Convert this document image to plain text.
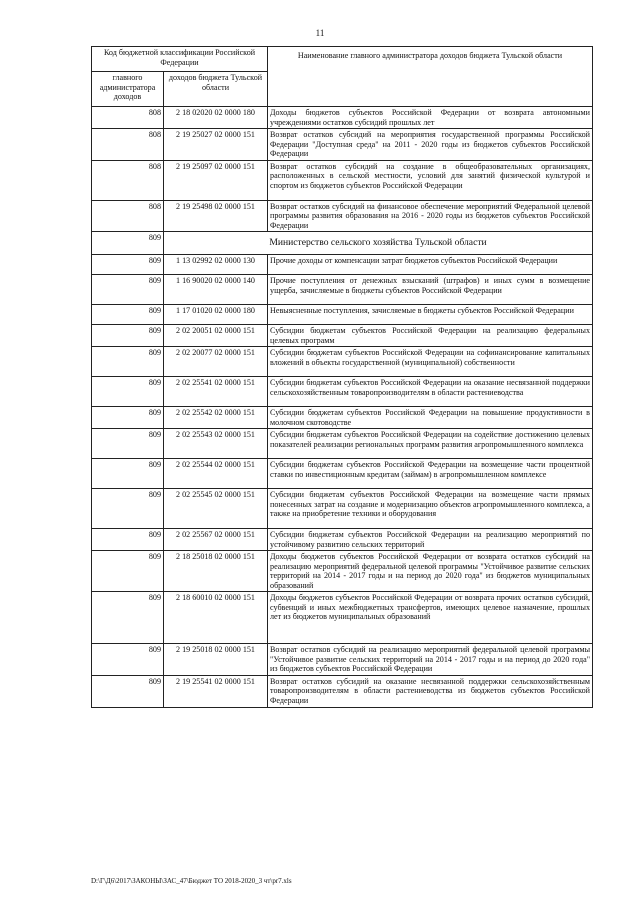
11
Код бюджетной классификации Российской Федерации		Наименование главного администратора доходов бюджета Тульской области
главного администратора доходов	доходов бюджета Тульской области	
808	2 18 02020 02 0000 180	Доходы бюджетов субъектов Российской Федерации от возврата автономными учреждениями остатков субсидий прошлых лет
808	2 19 25027 02 0000 151	Возврат остатков субсидий на мероприятия государственной программы Российской Федерации "Доступная среда" на 2011 - 2020 годы из бюджетов субъектов Российской Федерации
808	2 19 25097 02 0000 151	Возврат остатков субсидий на создание в общеобразовательных организациях, расположенных в сельской местности, условий для занятий физической культурой и спортом из бюджетов субъектов Российской Федерации
808	2 19 25498 02 0000 151	Возврат остатков субсидий на финансовое обеспечение мероприятий Федеральной целевой программы развития образования на 2016 - 2020 годы из бюджетов субъектов Российской Федерации
809	Министерство сельского хозяйства Тульской области	
809	1 13 02992 02 0000 130	Прочие доходы от компенсации затрат бюджетов субъектов Российской Федерации
809	1 16 90020 02 0000 140	Прочие поступления от денежных взысканий (штрафов) и иных сумм в возмещение ущерба, зачисляемые в бюджеты субъектов Российской Федерации
809	1 17 01020 02 0000 180	Невыясненные поступления, зачисляемые в бюджеты субъектов Российской Федерации
809	2 02 20051 02 0000 151	Субсидии бюджетам субъектов Российской Федерации на реализацию федеральных целевых программ
809	2 02 20077 02 0000 151	Субсидии бюджетам субъектов Российской Федерации на софинансирование капитальных вложений в объекты государственной (муниципальной) собственности
809	2 02 25541 02 0000 151	Субсидии бюджетам субъектов Российской Федерации на оказание несвязанной поддержки сельскохозяйственным товаропроизводителям в области растениеводства
809	2 02 25542 02 0000 151	Субсидии бюджетам субъектов Российской Федерации на повышение продуктивности в молочном скотоводстве
809	2 02 25543 02 0000 151	Субсидии бюджетам субъектов Российской Федерации на содействие достижению целевых показателей реализации региональных программ развития агропромышленного комплекса
809	2 02 25544 02 0000 151	Субсидии бюджетам субъектов Российской Федерации на возмещение части процентной ставки по инвестиционным кредитам (займам) в агропромышленном комплексе
809	2 02 25545 02 0000 151	Субсидии бюджетам субъектов Российской Федерации на возмещение части прямых понесенных затрат на создание и модернизацию объектов агропромышленного комплекса, а также на приобретение техники и оборудования
809	2 02 25567 02 0000 151	Субсидии бюджетам субъектов Российской Федерации на реализацию мероприятий по устойчивому развитию сельских территорий
809	2 18 25018 02 0000 151	Доходы бюджетов субъектов Российской Федерации от возврата остатков субсидий на реализацию мероприятий федеральной целевой программы "Устойчивое развитие сельских территорий на 2014 - 2017 годы и на период до 2020 года" из бюджетов муниципальных образований
809	2 18 60010 02 0000 151	Доходы бюджетов субъектов Российской Федерации от возврата прочих остатков субсидий, субвенций и иных межбюджетных трансфертов, имеющих целевое назначение, прошлых лет из бюджетов муниципальных образований
809	2 19 25018 02 0000 151	Возврат остатков субсидий на реализацию мероприятий федеральной целевой программы "Устойчивое развитие сельских территорий на 2014 - 2017 годы и на период до 2020 года" из бюджетов субъектов Российской Федерации
809	2 19 25541 02 0000 151	Возврат остатков субсидий на оказание несвязанной поддержки сельскохозяйственным товаропроизводителям в области растениеводства из бюджетов субъектов Российской Федерации
D:\Г\Д6\2017\ЗАКОНЫ\ЗАС_47\Бюджет ТО 2018-2020_3 чт\pr7.xls
